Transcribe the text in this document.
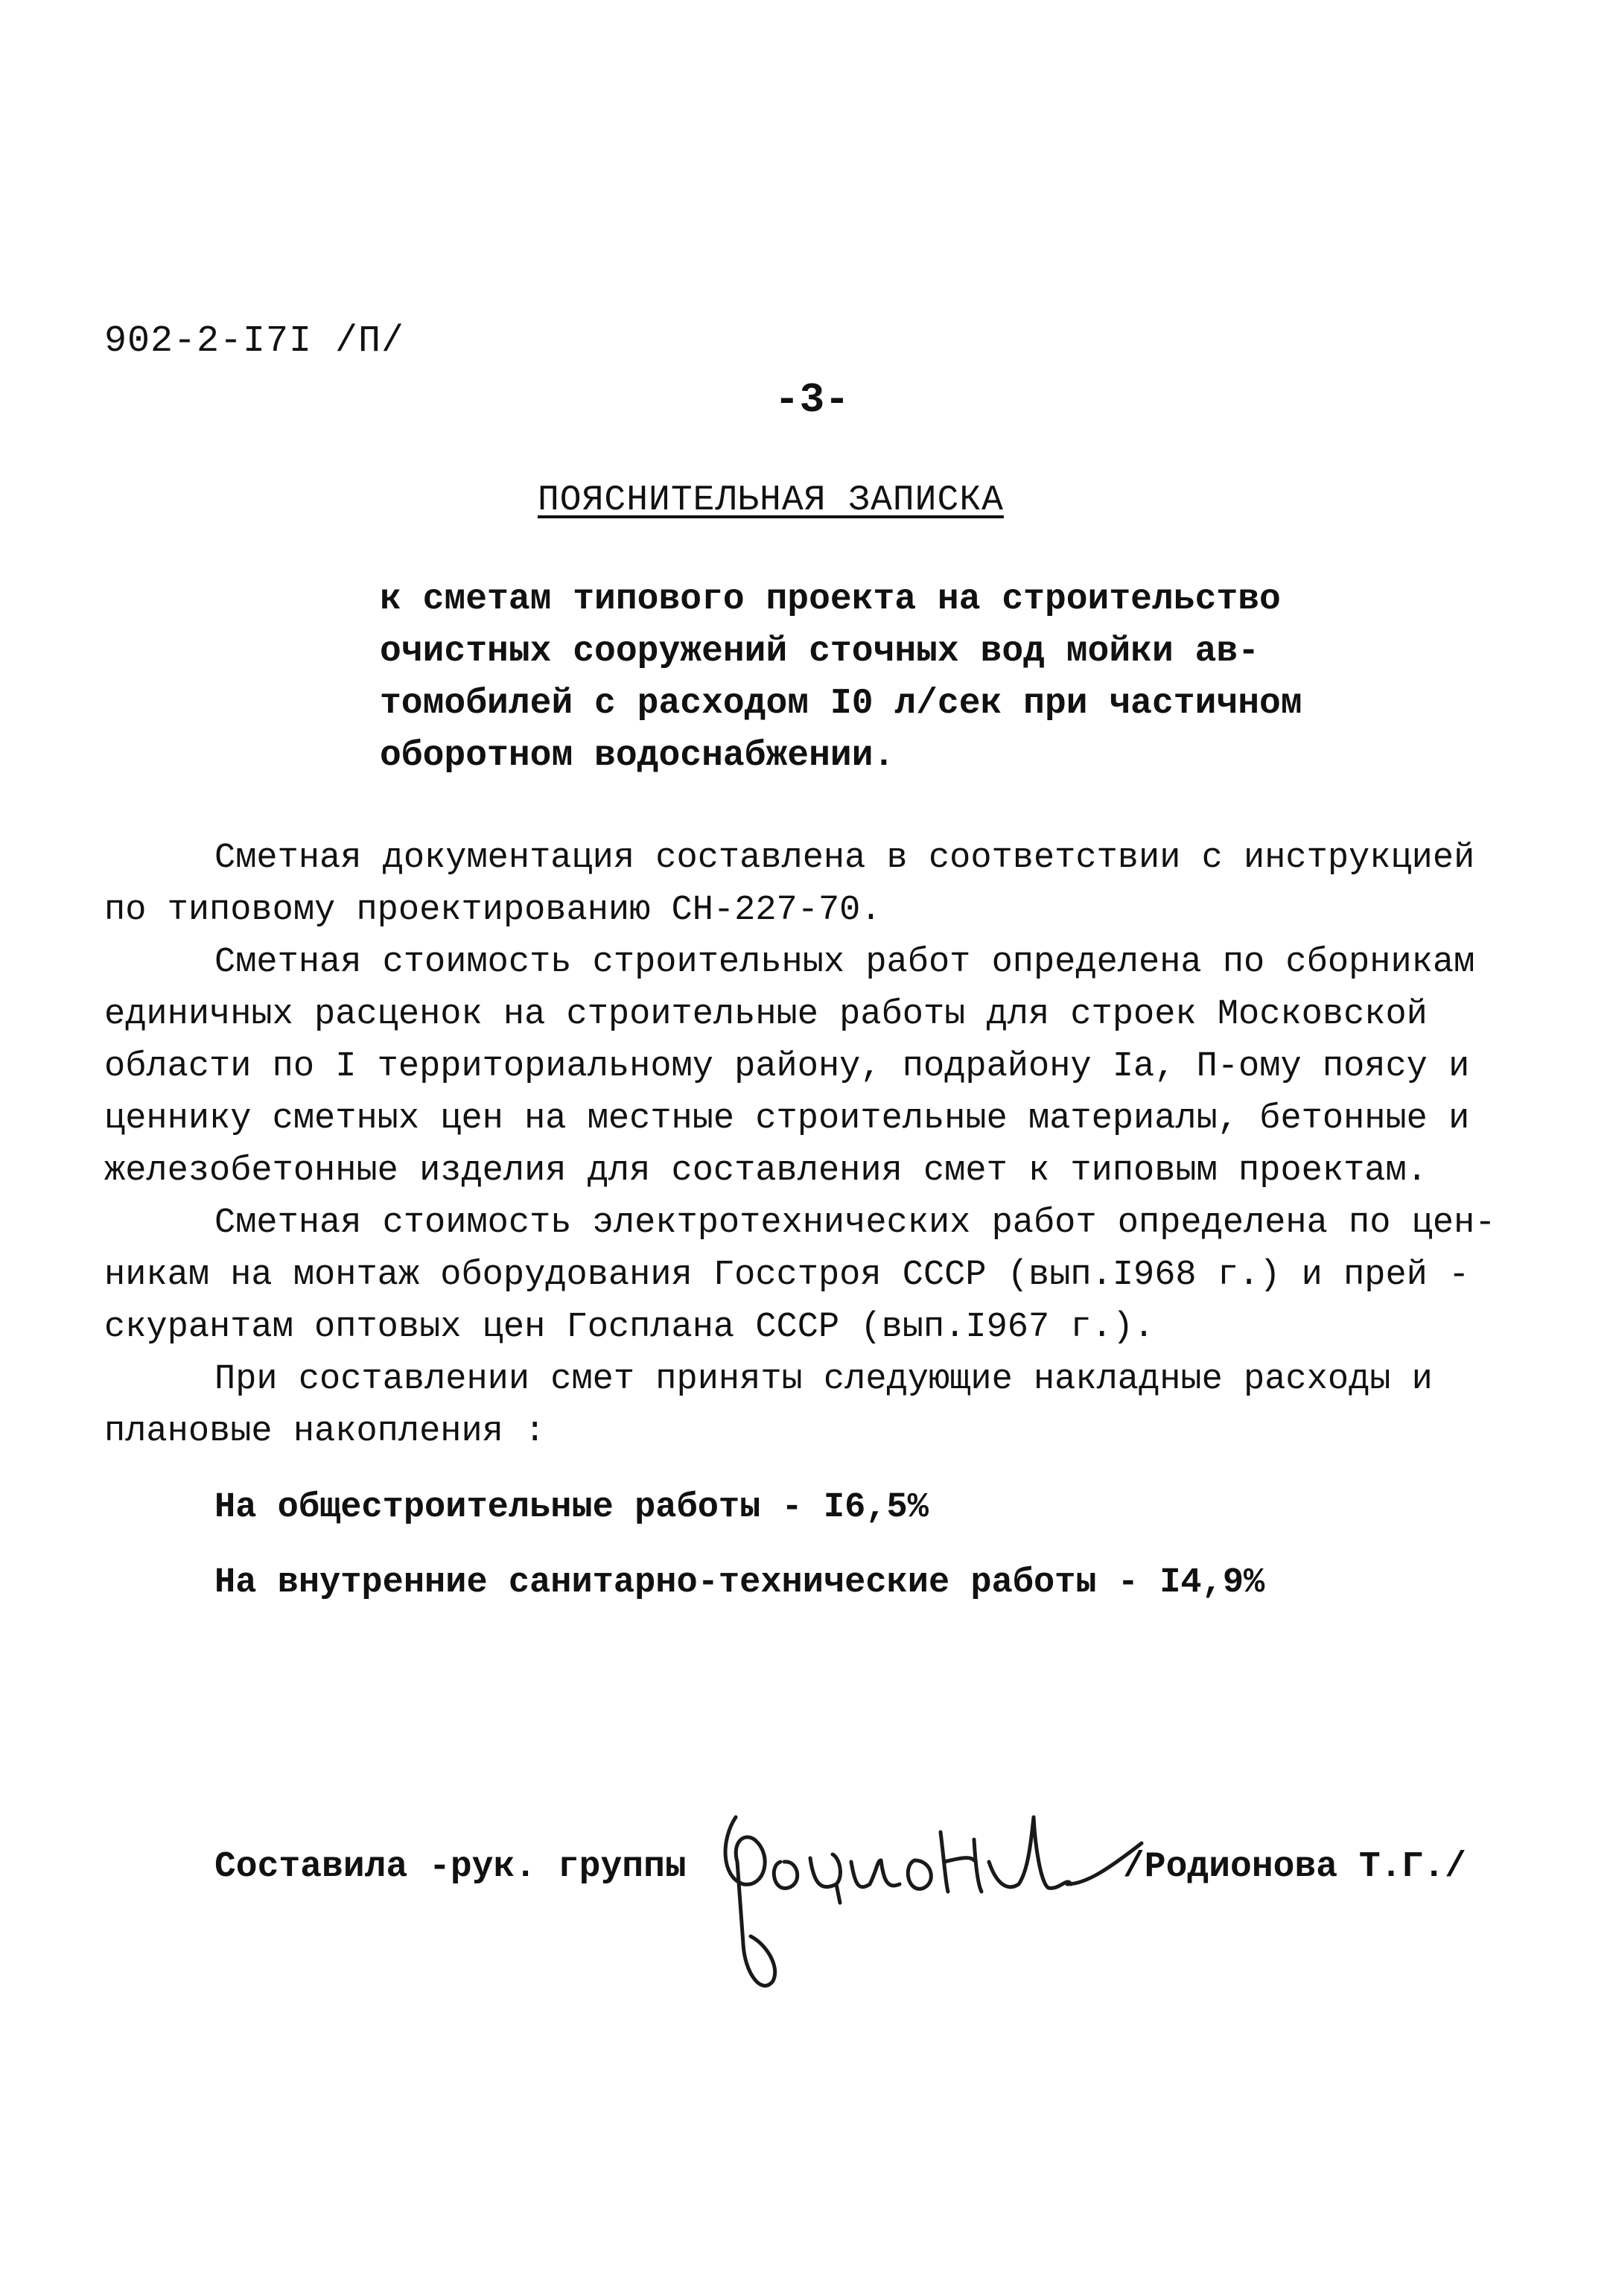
902-2-I7I /П/
-3-
ПОЯСНИТЕЛЬНАЯ ЗАПИСКА
к сметам типового проекта на строительство
очистных сооружений сточных вод мойки ав-
томобилей с расходом I0 л/сек при частичном
оборотном водоснабжении.
Сметная документация составлена в соответствии с инструкцией
по типовому проектированию СН-227-70.
Сметная стоимость строительных работ определена по сборникам
единичных расценок на строительные работы для строек Московской
области по I территориальному району, подрайону Iа, П-ому поясу и
ценнику сметных цен на местные строительные материалы, бетонные и
железобетонные изделия для составления смет к типовым проектам.
Сметная стоимость электротехнических работ определена по цен-
никам на монтаж оборудования Госстроя СССР (вып.I968 г.) и прей -
скурантам оптовых цен Госплана СССР (вып.I967 г.).
При составлении смет приняты следующие накладные расходы и
плановые накопления :
На общестроительные работы - I6,5%
На внутренние санитарно-технические работы - I4,9%
Составила -рук. группы	/Родионова Т.Г./
